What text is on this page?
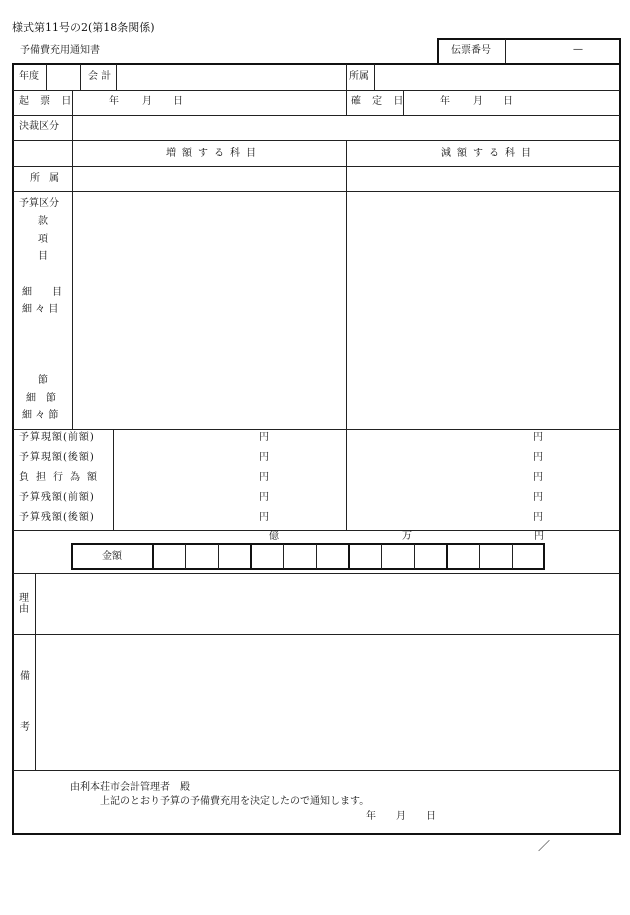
様式第11号の2(第18条関係)
予備費充用通知書	伝票番号	—
年度	会 計	所属
起 票 日	年 月 日	確 定 日	年 月 日
決裁区分
増額する科目	減額する科目
所 属
予算区分
款
項
目
細　　目
細 々 目
節
細　節
細 々 節
予算現額(前額)	円	円
予算現額(後額)	円	円
負担行為額	円	円
予算残額(前額)	円	円
予算残額(後額)	円	円
億	万	円
金額
理由
備
考
由利本荘市会計管理者　殿
上記のとおり予算の予備費充用を決定したので通知します。
年 月 日
／
